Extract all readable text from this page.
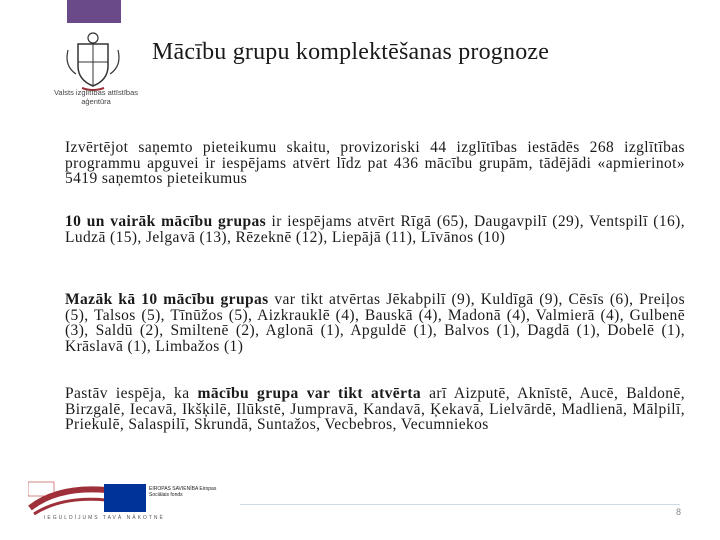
Valsts izglītības attīstības aģentūra
Mācību grupu komplektēšanas prognoze
Izvērtējot saņemto pieteikumu skaitu, provizoriski 44 izglītības iestādēs 268 izglītības programmu apguvei ir iespējams atvērt līdz pat 436 mācību grupām, tādējādi «apmierinot» 5419 saņemtos pieteikumus
10 un vairāk mācību grupas ir iespējams atvērt Rīgā (65), Daugavpilī (29), Ventspilī (16), Ludzā (15), Jelgavā (13), Rēzeknē (12), Liepājā (11), Līvānos (10)
Mazāk kā 10 mācību grupas var tikt atvērtas Jēkabpilī (9), Kuldīgā (9), Cēsīs (6), Preiļos (5), Talsos (5), Tīnūžos (5), Aizkrauklē (4), Bauskā (4), Madonā (4), Valmierā (4), Gulbenē (3), Saldū (2), Smiltenē (2), Aglonā (1), Apguldē (1), Balvos (1), Dagdā (1), Dobelē (1), Krāslavā (1), Limbažos (1)
Pastāv iespēja, ka mācību grupa var tikt atvērta arī Aizputē, Aknīstē, Aucē, Baldonē, Birzgalē, Iecavā, Ikšķilē, Ilūkstē, Jumpravā, Kandavā, Ķekavā, Lielvārdē, Madlienā, Mālpilī, Priekulē, Salaspilī, Skrundā, Suntažos, Vecbebros, Vecumniekos
EIROPAS SAVIENĪBA Eiropas Sociālais fonds
IEGULDĪJUMS TAVĀ NĀKOTNĒ
8
